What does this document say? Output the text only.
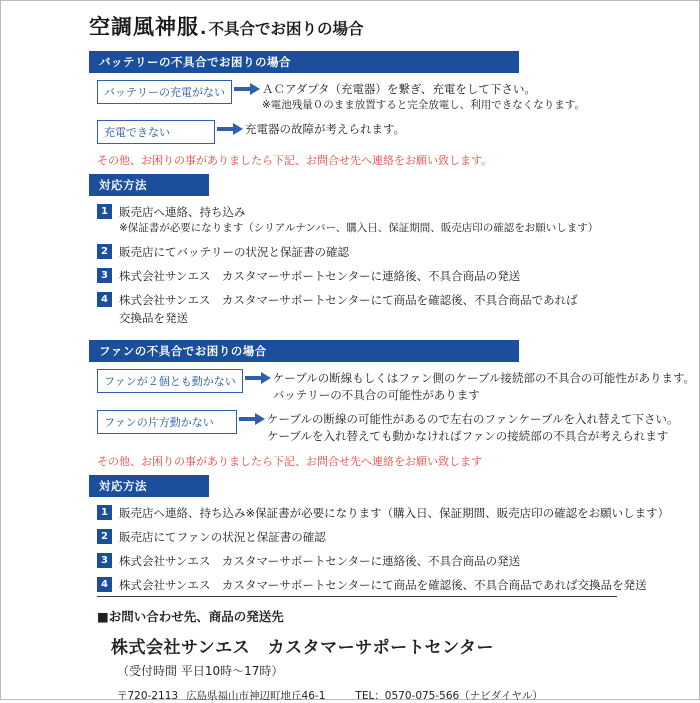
空調風神服 . 不具合でお困りの場合
バッテリーの不具合でお困りの場合
バッテリーの充電がない	ＡＣアダプタ（充電器）を繋ぎ、充電をして下さい。
※電池残量０のまま放置すると完全放電し、利用できなくなります。
充電できない	充電器の故障が考えられます。
その他、お困りの事がありましたら下記、お問合せ先へ連絡をお願い致します。
対応方法
1 販売店へ連絡、持ち込み
※保証書が必要になります（シリアルナンバー、購入日、保証期間、販売店印の確認をお願いします）
2 販売店にてバッテリーの状況と保証書の確認
3 株式会社サンエス　カスタマーサポートセンターに連絡後、不具合商品の発送
4 株式会社サンエス　カスタマーサポートセンターにて商品を確認後、不具合商品であれば
交換品を発送
ファンの不具合でお困りの場合
ファンが２個とも動かない	ケーブルの断線もしくはファン側のケーブル接続部の不具合の可能性があります。
バッテリーの不具合の可能性があります
ファンの片方動かない	ケーブルの断線の可能性があるので左右のファンケーブルを入れ替えて下さい。
ケーブルを入れ替えても動かなければファンの接続部の不具合が考えられます
その他、お困りの事がありましたら下記、お問合せ先へ連絡をお願い致します
対応方法
1 販売店へ連絡、持ち込み※保証書が必要になります（購入日、保証期間、販売店印の確認をお願いします）
2 販売店にてファンの状況と保証書の確認
3 株式会社サンエス　カスタマーサポートセンターに連絡後、不具合商品の発送
4 株式会社サンエス　カスタマーサポートセンターにて商品を確認後、不具合商品であれば交換品を発送
■お問い合わせ先、商品の発送先
株式会社サンエス　カスタマーサポートセンター
（受付時間 平日10時〜17時）
〒720-2113 広島県福山市神辺町地丘46-1	TEL：0570-075-566（ナビダイヤル）
